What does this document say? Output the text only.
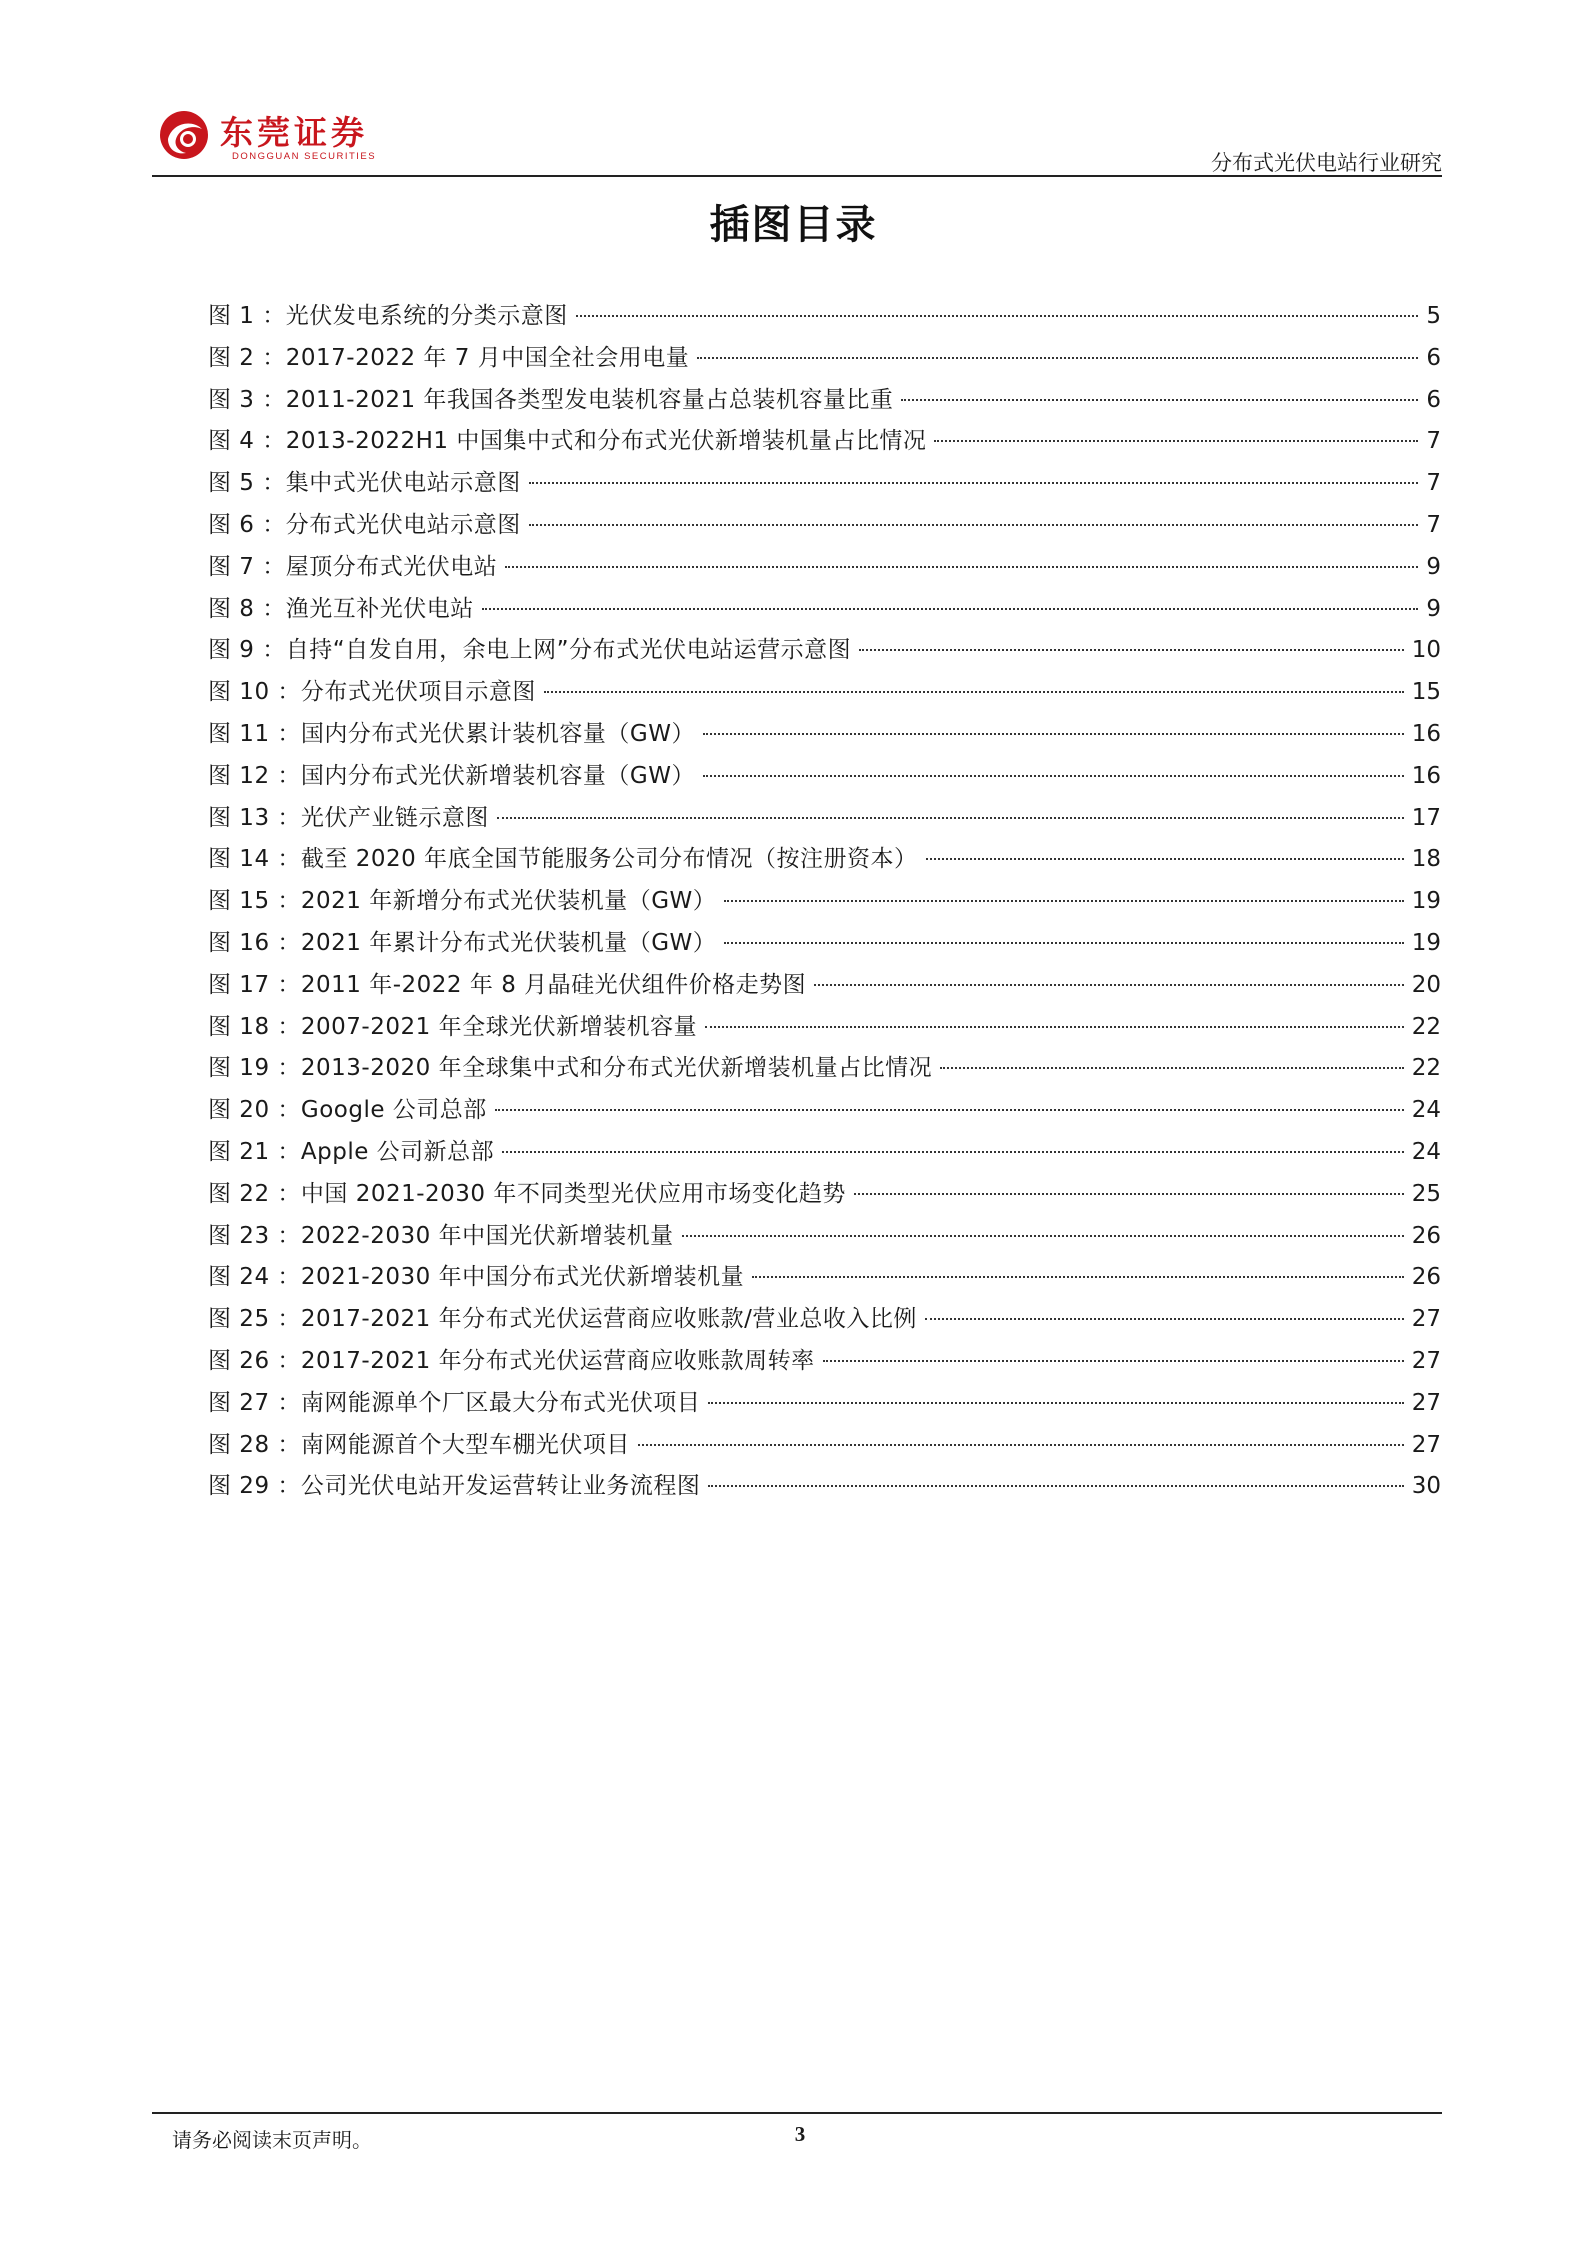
东莞证券
DONGGUAN SECURITIES	分布式光伏电站行业研究
插图目录
图 1 ：光伏发电系统的分类示意图	5
图 2 ：2017-2022 年 7 月中国全社会用电量	6
图 3 ：2011-2021 年我国各类型发电装机容量占总装机容量比重	6
图 4 ：2013-2022H1 中国集中式和分布式光伏新增装机量占比情况	7
图 5 ：集中式光伏电站示意图	7
图 6 ：分布式光伏电站示意图	7
图 7 ：屋顶分布式光伏电站	9
图 8 ：渔光互补光伏电站	9
图 9 ：自持“自发自用，余电上网”分布式光伏电站运营示意图	10
图 10 ：分布式光伏项目示意图	15
图 11 ：国内分布式光伏累计装机容量（GW）	16
图 12 ：国内分布式光伏新增装机容量（GW）	16
图 13 ：光伏产业链示意图	17
图 14 ：截至 2020 年底全国节能服务公司分布情况（按注册资本）	18
图 15 ：2021 年新增分布式光伏装机量（GW）	19
图 16 ：2021 年累计分布式光伏装机量（GW）	19
图 17 ：2011 年-2022 年 8 月晶硅光伏组件价格走势图	20
图 18 ：2007-2021 年全球光伏新增装机容量	22
图 19 ：2013-2020 年全球集中式和分布式光伏新增装机量占比情况	22
图 20 ：Google 公司总部	24
图 21 ：Apple 公司新总部	24
图 22 ：中国 2021-2030 年不同类型光伏应用市场变化趋势	25
图 23 ：2022-2030 年中国光伏新增装机量	26
图 24 ：2021-2030 年中国分布式光伏新增装机量	26
图 25 ：2017-2021 年分布式光伏运营商应收账款/营业总收入比例	27
图 26 ：2017-2021 年分布式光伏运营商应收账款周转率	27
图 27 ：南网能源单个厂区最大分布式光伏项目	27
图 28 ：南网能源首个大型车棚光伏项目	27
图 29 ：公司光伏电站开发运营转让业务流程图	30
请务必阅读末页声明。	3
